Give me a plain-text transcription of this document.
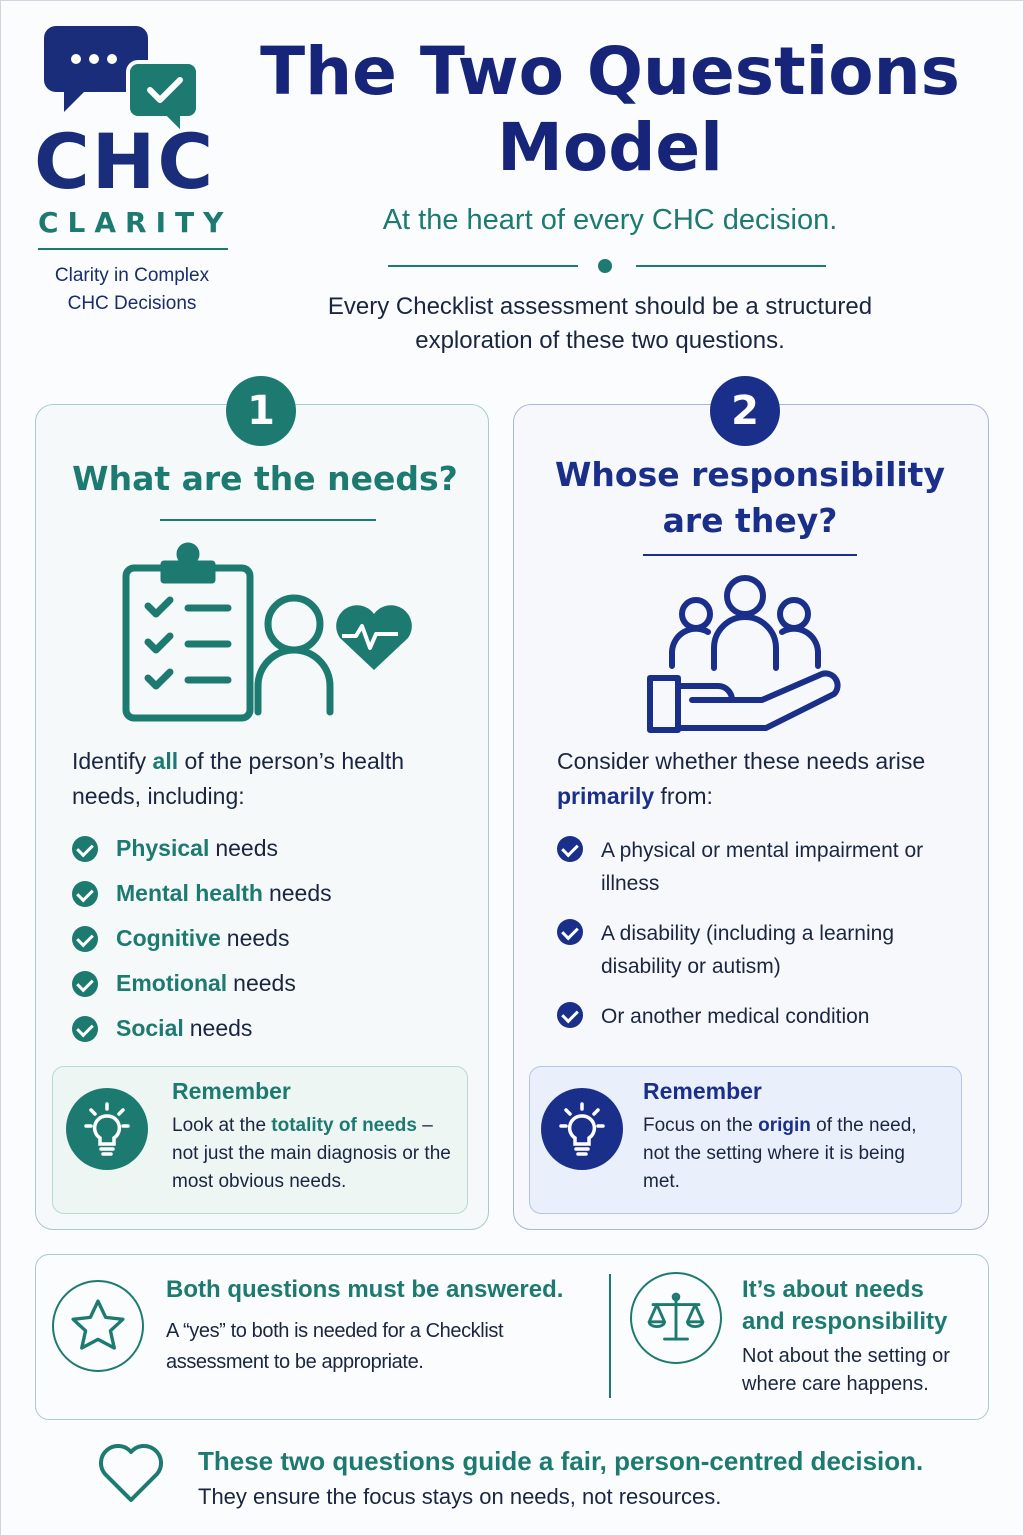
CHC
CLARITY
Clarity in Complex CHC Decisions
The Two Questions Model
At the heart of every CHC decision.
Every Checklist assessment should be a structured exploration of these two questions.
1
What are the needs?
Identify all of the person’s health needs, including:
Physical needs
Mental health needs
Cognitive needs
Emotional needs
Social needs
Remember
Look at the totality of needs – not just the main diagnosis or the most obvious needs.
2
Whose responsibility are they?
Consider whether these needs arise primarily from:
A physical or mental impairment or illness
A disability (including a learning disability or autism)
Or another medical condition
Remember
Focus on the origin of the need, not the setting where it is being met.
Both questions must be answered.
A “yes” to both is needed for a Checklist assessment to be appropriate.
It’s about needs and responsibility
Not about the setting or where care happens.
These two questions guide a fair, person-centred decision.
They ensure the focus stays on needs, not resources.
